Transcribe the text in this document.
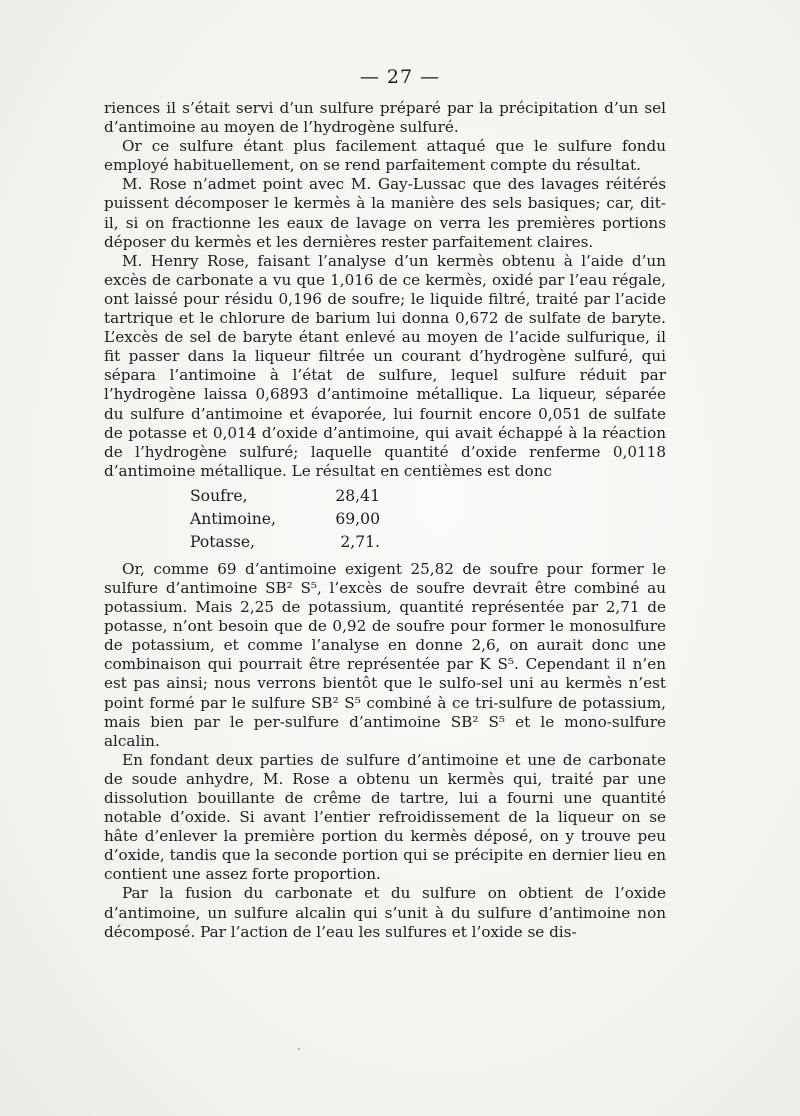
— 27 —

riences il s’était servi d’un sulfure préparé par la précipitation d’un sel d’antimoine au moyen de l’hydrogène sulfuré.

Or ce sulfure étant plus facilement attaqué que le sulfure fondu employé habituellement, on se rend parfaitement compte du résultat.

M. Rose n’admet point avec M. Gay-Lussac que des lavages réitérés puissent décomposer le kermès à la manière des sels basiques; car, dit-il, si on fractionne les eaux de lavage on verra les premières portions déposer du kermès et les dernières rester parfaitement claires.

M. Henry Rose, faisant l’analyse d’un kermès obtenu à l’aide d’un excès de carbonate a vu que 1,016 de ce kermès, oxidé par l’eau régale, ont laissé pour résidu 0,196 de soufre; le liquide filtré, traité par l’acide tartrique et le chlorure de barium lui donna 0,672 de sulfate de baryte. L’excès de sel de baryte étant enlevé au moyen de l’acide sulfurique, il fit passer dans la liqueur filtrée un courant d’hydrogène sulfuré, qui sépara l’antimoine à l’état de sulfure, lequel sulfure réduit par l’hydrogène laissa 0,6893 d’antimoine métallique. La liqueur, séparée du sulfure d’antimoine et évaporée, lui fournit encore 0,051 de sulfate de potasse et 0,014 d’oxide d’antimoine, qui avait échappé à la réaction de l’hydrogène sulfuré; laquelle quantité d’oxide renferme 0,0118 d’antimoine métallique. Le résultat en centièmes est donc

Soufre,	28,41
Antimoine,	69,00
Potasse,	2,71.

Or, comme 69 d’antimoine exigent 25,82 de soufre pour former le sulfure d’antimoine SB² S⁵, l’excès de soufre devrait être combiné au potassium. Mais 2,25 de potassium, quantité représentée par 2,71 de potasse, n’ont besoin que de 0,92 de soufre pour former le monosulfure de potassium, et comme l’analyse en donne 2,6, on aurait donc une combinaison qui pourrait être représentée par K S⁵. Cependant il n’en est pas ainsi; nous verrons bientôt que le sulfo-sel uni au kermès n’est point formé par le sulfure SB² S⁵ combiné à ce tri-sulfure de potassium, mais bien par le per-sulfure d’antimoine SB² S⁵ et le mono-sulfure alcalin.

En fondant deux parties de sulfure d’antimoine et une de carbonate de soude anhydre, M. Rose a obtenu un kermès qui, traité par une dissolution bouillante de crême de tartre, lui a fourni une quantité notable d’oxide. Si avant l’entier refroidissement de la liqueur on se hâte d’enlever la première portion du kermès déposé, on y trouve peu d’oxide, tandis que la seconde portion qui se précipite en dernier lieu en contient une assez forte proportion.

Par la fusion du carbonate et du sulfure on obtient de l’oxide d’antimoine, un sulfure alcalin qui s’unit à du sulfure d’antimoine non décomposé. Par l’action de l’eau les sulfures et l’oxide se dis-
